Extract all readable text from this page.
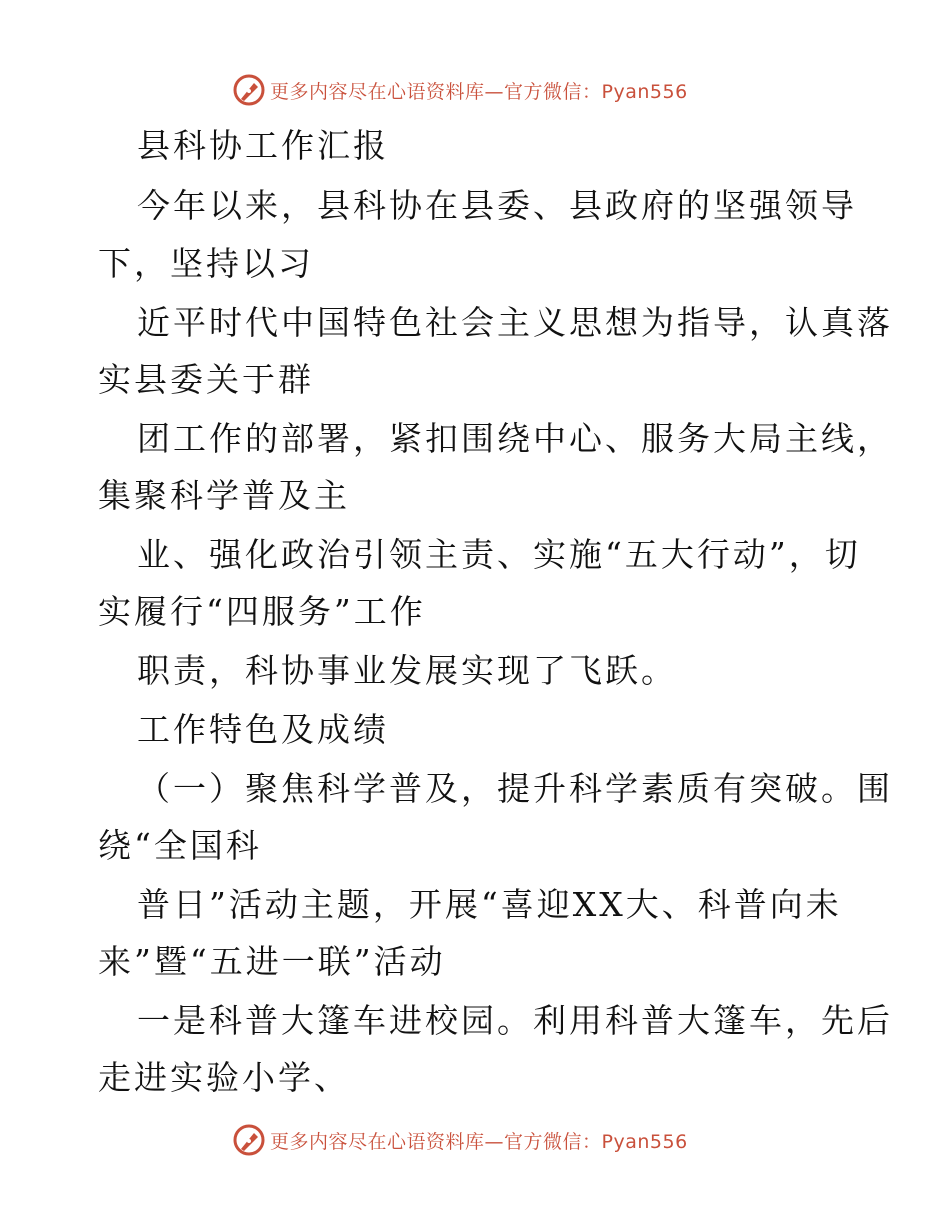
更多内容尽在心语资料库—官方微信：Pyan556
县科协工作汇报
今年以来，县科协在县委、县政府的坚强领导
下，坚持以习
近平时代中国特色社会主义思想为指导，认真落
实县委关于群
团工作的部署，紧扣围绕中心、服务大局主线，
集聚科学普及主
业、强化政治引领主责、实施“五大行动”，切
实履行“四服务”工作
职责，科协事业发展实现了飞跃。
工作特色及成绩
（一）聚焦科学普及，提升科学素质有突破。围
绕“全国科
普日”活动主题，开展“喜迎XX大、科普向未
来”暨“五进一联”活动
一是科普大篷车进校园。利用科普大篷车，先后
走进实验小学、
更多内容尽在心语资料库—官方微信：Pyan556
